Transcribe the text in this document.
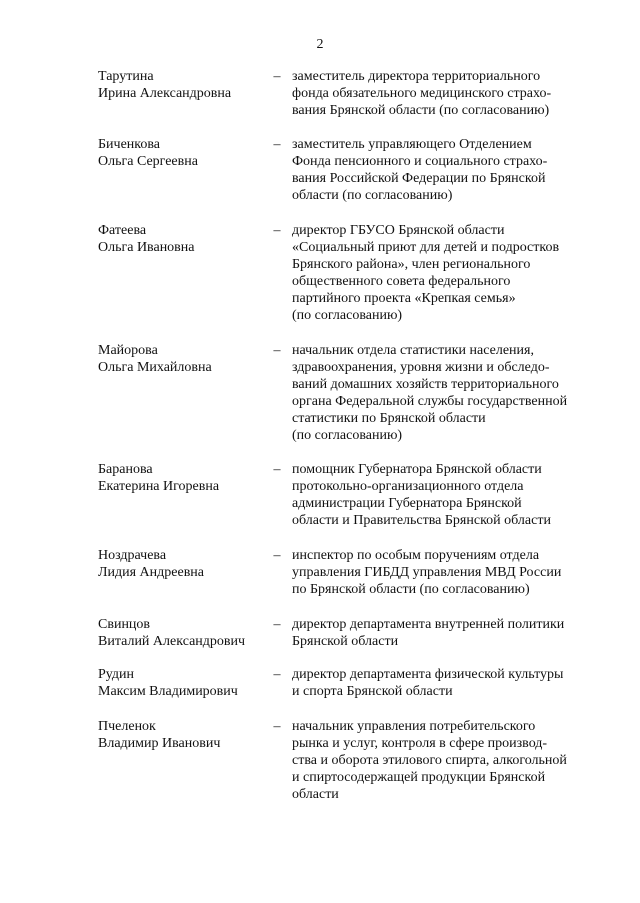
2
Тарутина
Ирина Александровна
– заместитель директора территориального
фонда обязательного медицинского страхо-
вания Брянской области (по согласованию)
Биченкова
Ольга Сергеевна
– заместитель управляющего Отделением
Фонда пенсионного и социального страхо-
вания Российской Федерации по Брянской
области (по согласованию)
Фатеева
Ольга Ивановна
– директор ГБУСО Брянской области
«Социальный приют для детей и подростков
Брянского района», член регионального
общественного совета федерального
партийного проекта «Крепкая семья»
(по согласованию)
Майорова
Ольга Михайловна
– начальник отдела статистики населения,
здравоохранения, уровня жизни и обследо-
ваний домашних хозяйств территориального
органа Федеральной службы государственной
статистики по Брянской области
(по согласованию)
Баранова
Екатерина Игоревна
– помощник Губернатора Брянской области
протокольно-организационного отдела
администрации Губернатора Брянской
области и Правительства Брянской области
Ноздрачева
Лидия Андреевна
– инспектор по особым поручениям отдела
управления ГИБДД управления МВД России
по Брянской области (по согласованию)
Свинцов
Виталий Александрович
– директор департамента внутренней политики
Брянской области
Рудин
Максим Владимирович
– директор департамента физической культуры
и спорта Брянской области
Пчеленок
Владимир Иванович
– начальник управления потребительского
рынка и услуг, контроля в сфере производ-
ства и оборота этилового спирта, алкогольной
и спиртосодержащей продукции Брянской
области
